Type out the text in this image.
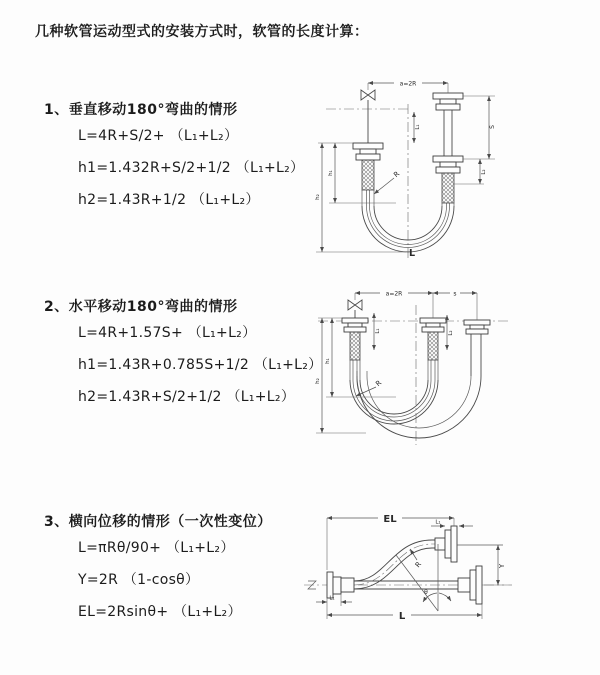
几种软管运动型式的安装方式时，软管的长度计算：
1、垂直移动180°弯曲的情形
L=4R+S/2+ （L₁+L₂）
h1=1.432R+S/2+1/2 （L₁+L₂）
h2=1.43R+1/2 （L₁+L₂）
2、水平移动180°弯曲的情形
L=4R+1.57S+ （L₁+L₂）
h1=1.43R+0.785S+1/2 （L₁+L₂）
h2=1.43R+S/2+1/2 （L₁+L₂）
3、横向位移的情形（一次性变位）
L=πRθ/90+ （L₁+L₂）
Y=2R （1-cosθ）
EL=2Rsinθ+ （L₁+L₂）
a=2R
S
L₂
L₁
h₁
h₂
R
L
a=2R	s
L₁	L₂
h₁
h₂	R
θ
R
EL	L₁
Y
L
L₁
